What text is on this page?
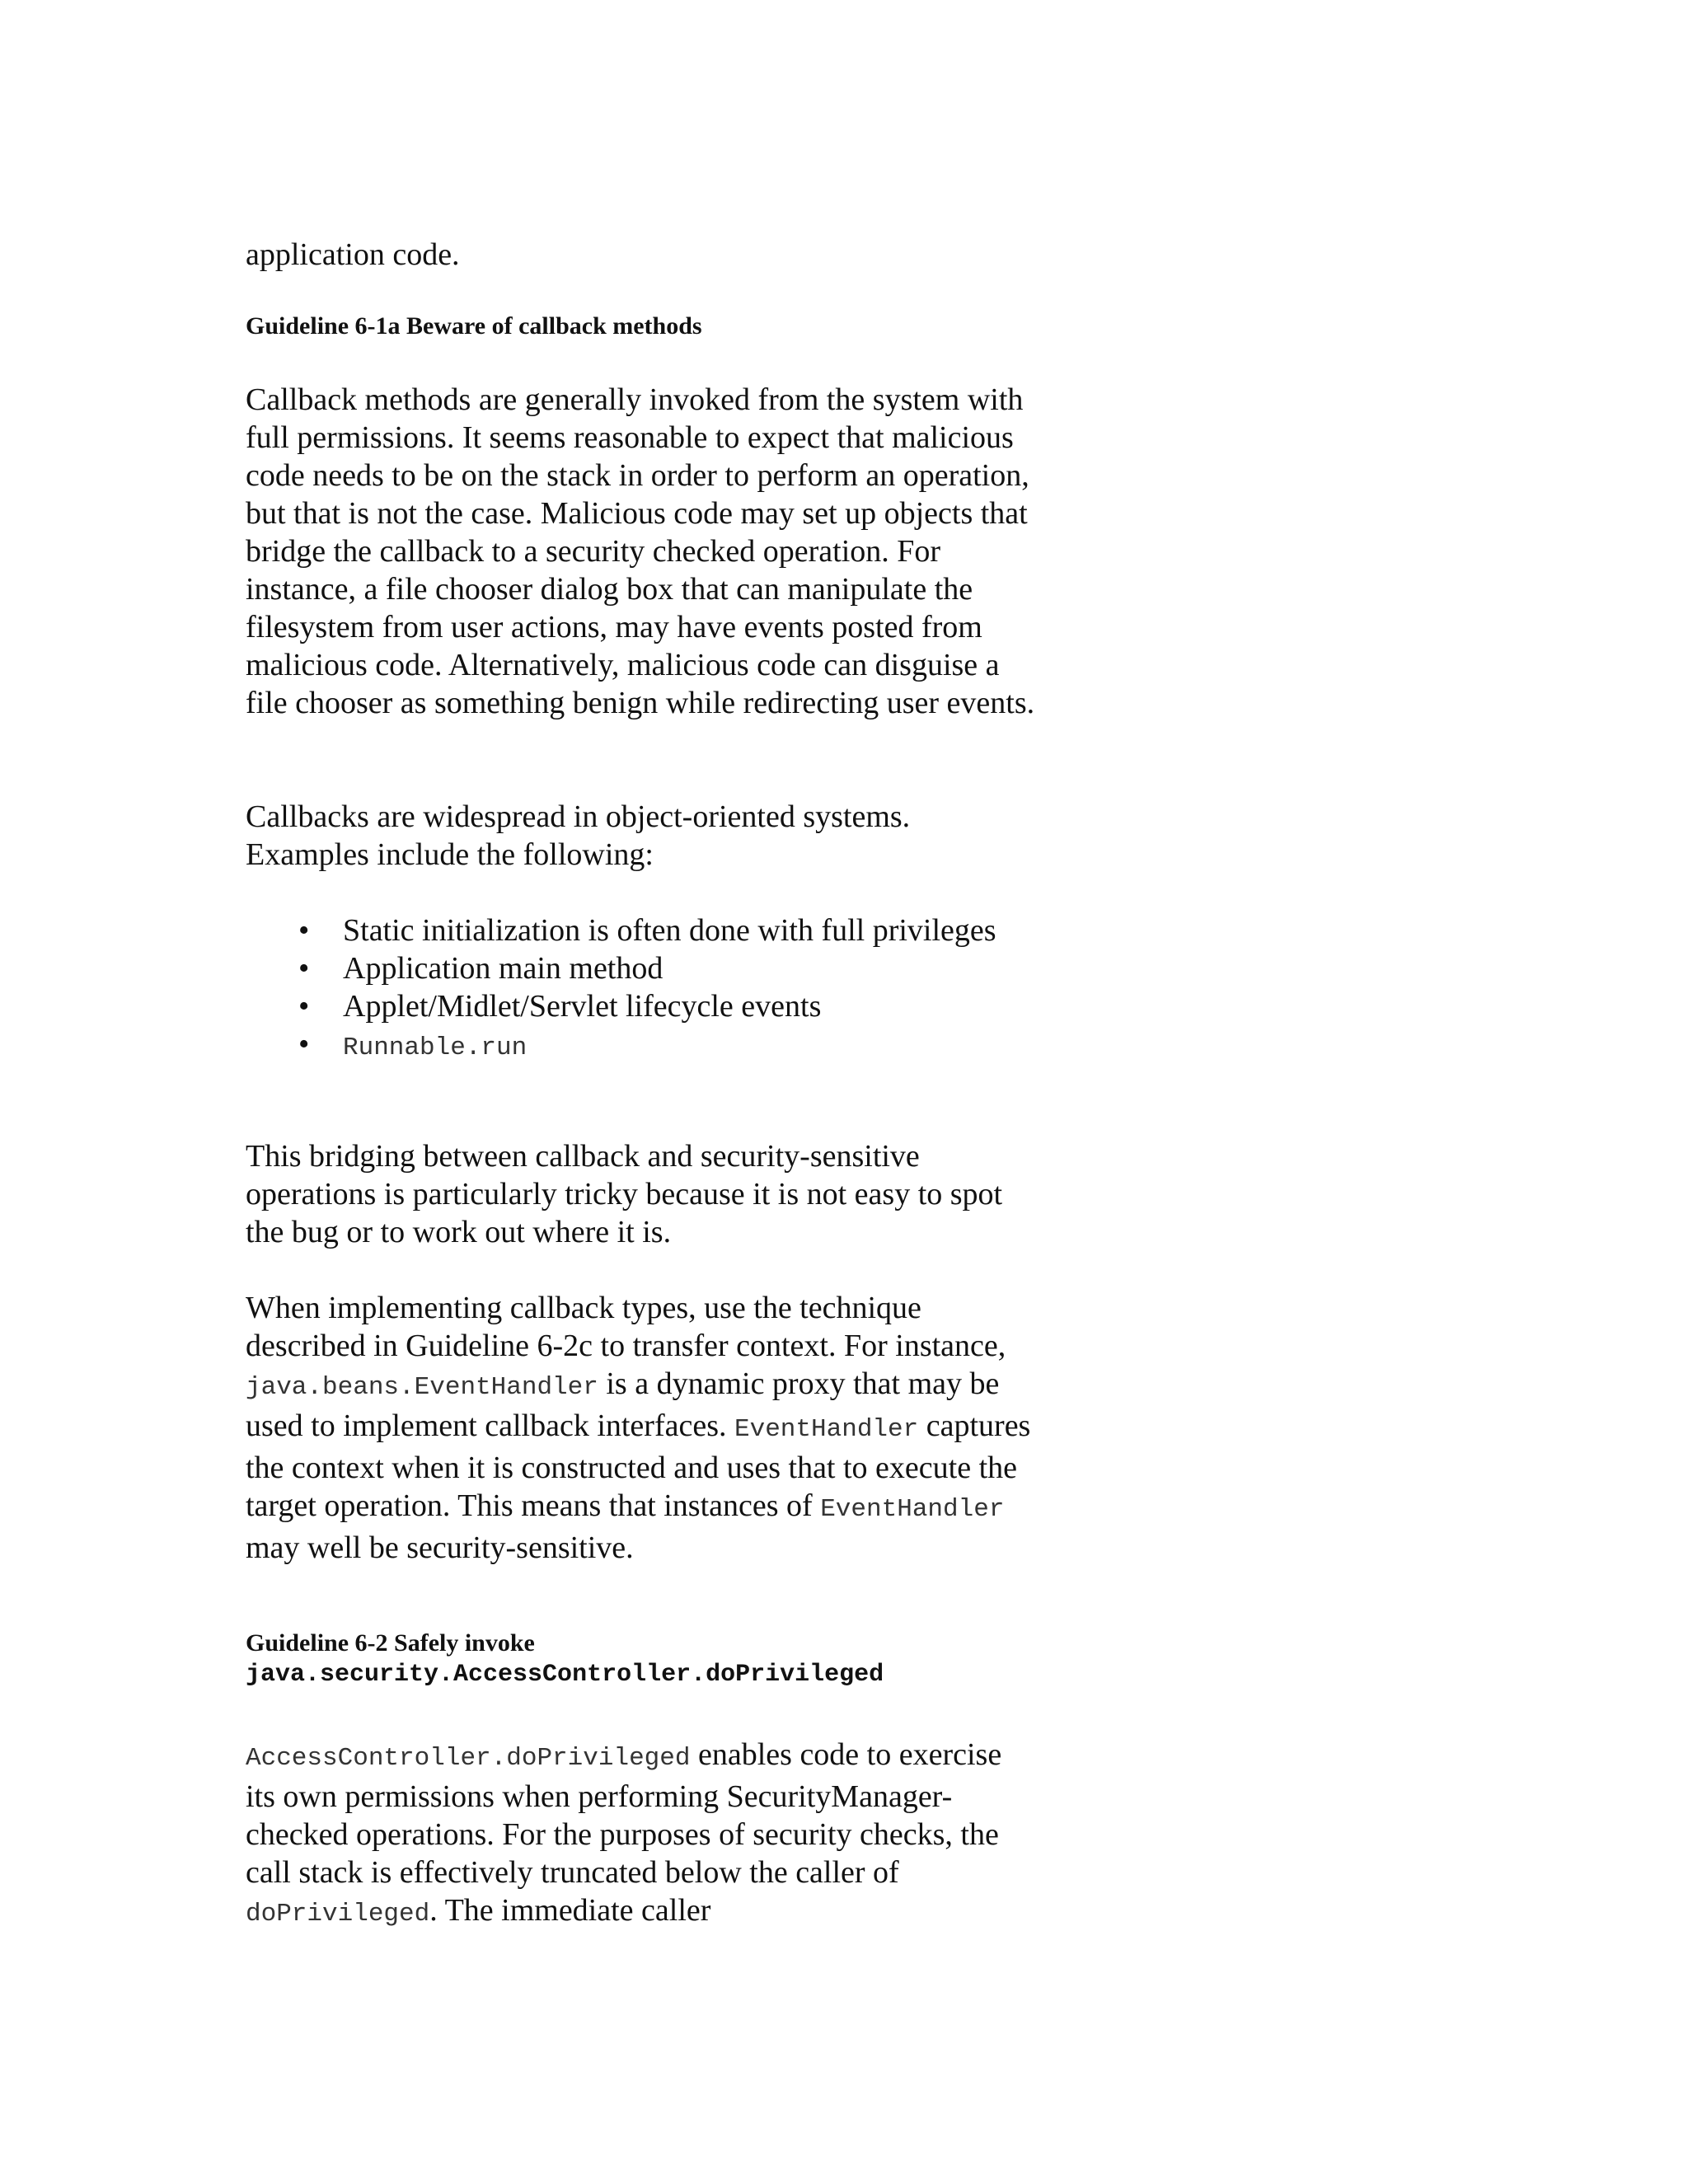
application code.

Guideline 6-1a Beware of callback methods

Callback methods are generally invoked from the system with full permissions. It seems reasonable to expect that malicious code needs to be on the stack in order to perform an operation, but that is not the case. Malicious code may set up objects that bridge the callback to a security checked operation. For instance, a file chooser dialog box that can manipulate the filesystem from user actions, may have events posted from malicious code. Alternatively, malicious code can disguise a file chooser as something benign while redirecting user events.

Callbacks are widespread in object-oriented systems. Examples include the following:

• Static initialization is often done with full privileges
• Application main method
• Applet/Midlet/Servlet lifecycle events
• Runnable.run

This bridging between callback and security-sensitive operations is particularly tricky because it is not easy to spot the bug or to work out where it is.

When implementing callback types, use the technique described in Guideline 6-2c to transfer context. For instance, java.beans.EventHandler is a dynamic proxy that may be used to implement callback interfaces. EventHandler captures the context when it is constructed and uses that to execute the target operation. This means that instances of EventHandler may well be security-sensitive.

Guideline 6-2 Safely invoke
java.security.AccessController.doPrivileged

AccessController.doPrivileged enables code to exercise its own permissions when performing SecurityManager-checked operations. For the purposes of security checks, the call stack is effectively truncated below the caller of doPrivileged. The immediate caller
